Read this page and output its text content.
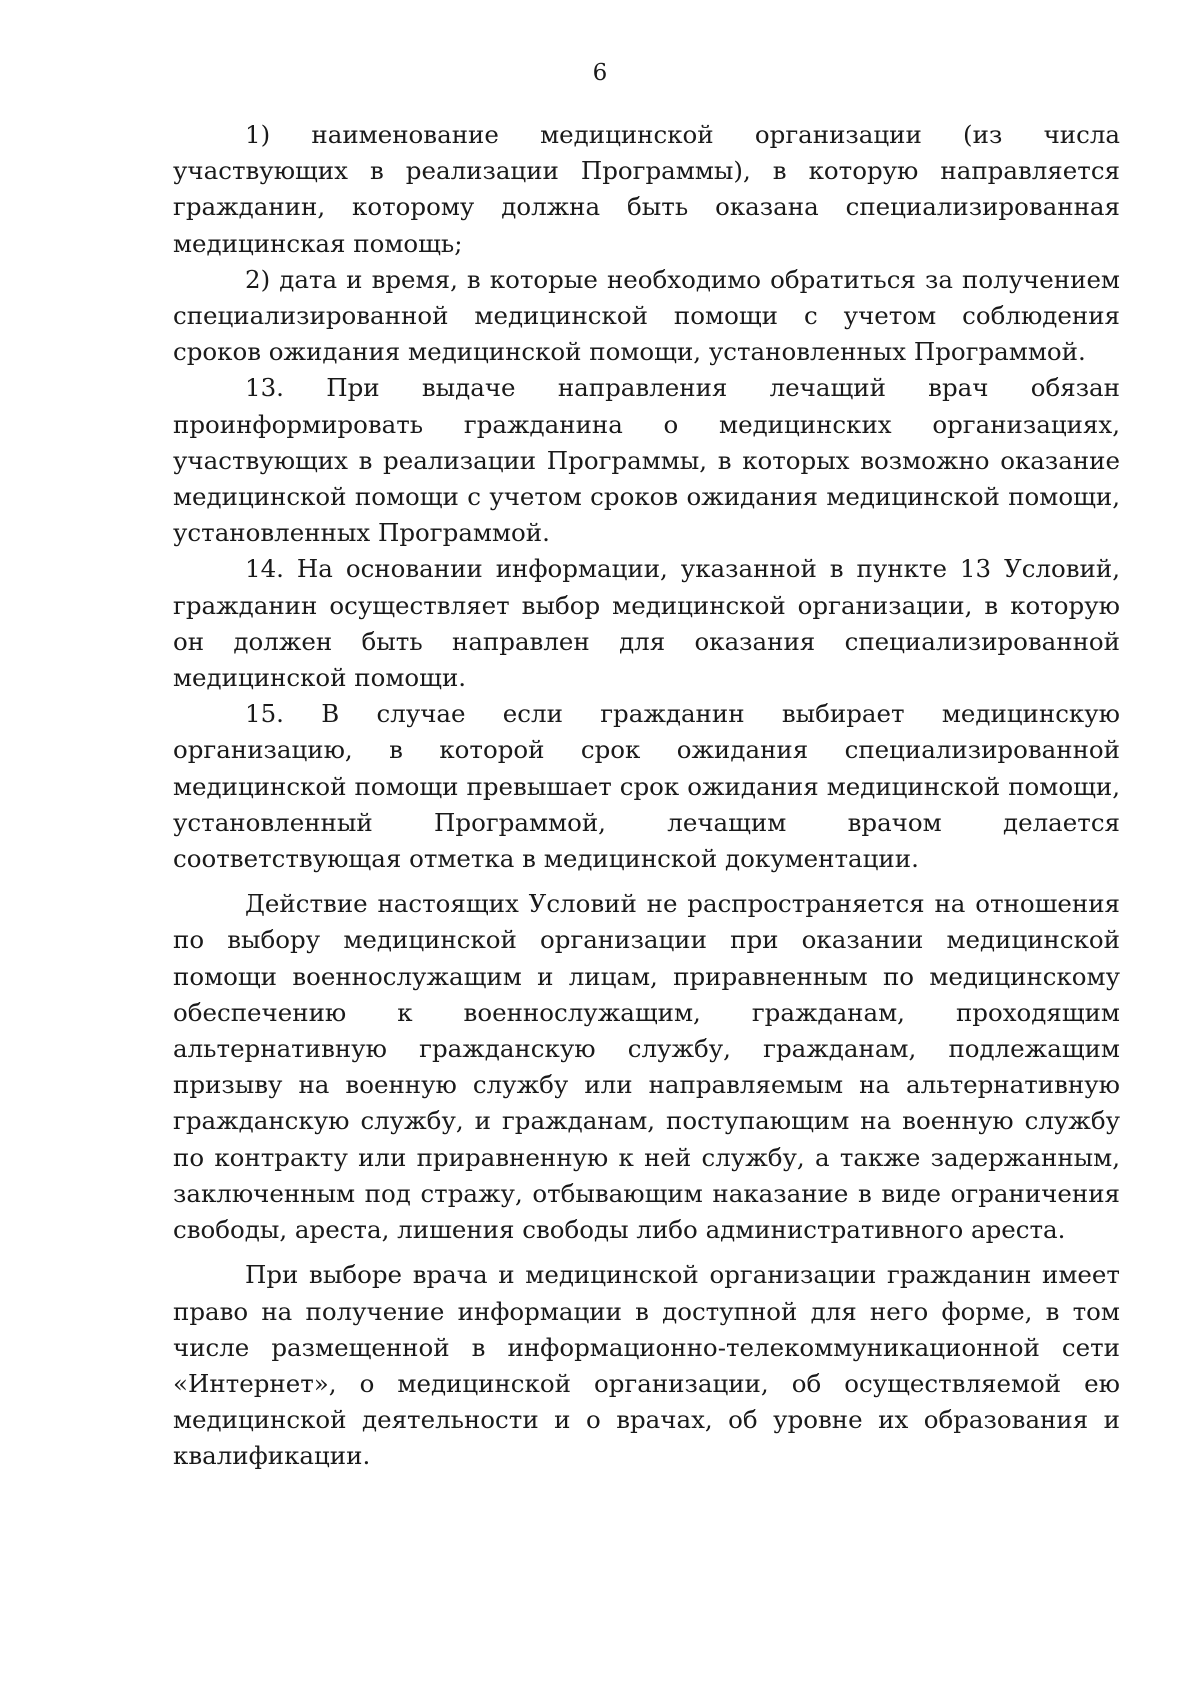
6

1) наименование медицинской организации (из числа участвующих в реализации Программы), в которую направляется гражданин, которому должна быть оказана специализированная медицинская помощь;

2) дата и время, в которые необходимо обратиться за получением специализированной медицинской помощи с учетом соблюдения сроков ожидания медицинской помощи, установленных Программой.

13. При выдаче направления лечащий врач обязан проинформировать гражданина о медицинских организациях, участвующих в реализации Программы, в которых возможно оказание медицинской помощи с учетом сроков ожидания медицинской помощи, установленных Программой.

14. На основании информации, указанной в пункте 13 Условий, гражданин осуществляет выбор медицинской организации, в которую он должен быть направлен для оказания специализированной медицинской помощи.

15. В случае если гражданин выбирает медицинскую организацию, в которой срок ожидания специализированной медицинской помощи превышает срок ожидания медицинской помощи, установленный Программой, лечащим врачом делается соответствующая отметка в медицинской документации.

Действие настоящих Условий не распространяется на отношения по выбору медицинской организации при оказании медицинской помощи военнослужащим и лицам, приравненным по медицинскому обеспечению к военнослужащим, гражданам, проходящим альтернативную гражданскую службу, гражданам, подлежащим призыву на военную службу или направляемым на альтернативную гражданскую службу, и гражданам, поступающим на военную службу по контракту или приравненную к ней службу, а также задержанным, заключенным под стражу, отбывающим наказание в виде ограничения свободы, ареста, лишения свободы либо административного ареста.

При выборе врача и медицинской организации гражданин имеет право на получение информации в доступной для него форме, в том числе размещенной в информационно-телекоммуникационной сети «Интернет», о медицинской организации, об осуществляемой ею медицинской деятельности и о врачах, об уровне их образования и квалификации.
